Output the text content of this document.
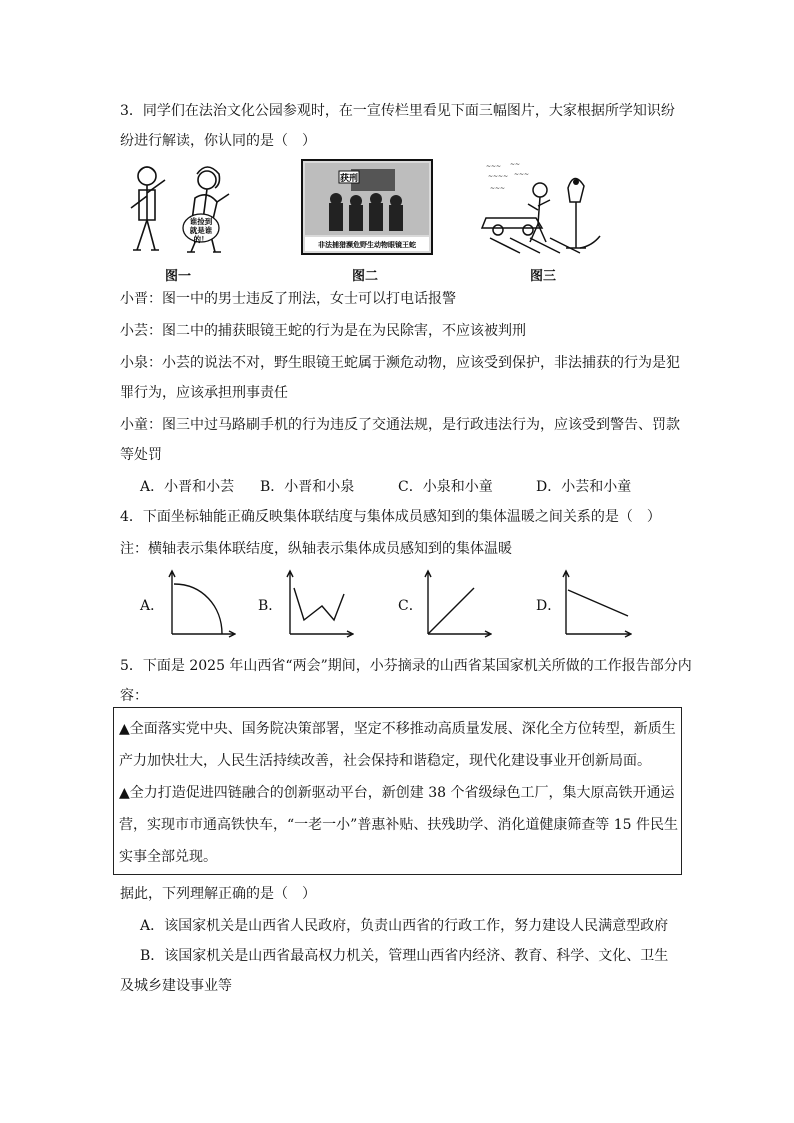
3．同学们在法治文化公园参观时，在一宣传栏里看见下面三幅图片，大家根据所学知识纷
纷进行解读，你认同的是（　）
谁捡到
就是谁
的！
图一
获刑
非法捕猎濒危野生动物眼镜王蛇
图二
~~~
~~~~
~~
~~~
~~~
图三
小晋：图一中的男士违反了刑法，女士可以打电话报警
小芸：图二中的捕获眼镜王蛇的行为是在为民除害，不应该被判刑
小泉：小芸的说法不对，野生眼镜王蛇属于濒危动物，应该受到保护，非法捕获的行为是犯
罪行为，应该承担刑事责任
小童：图三中过马路刷手机的行为违反了交通法规，是行政违法行为，应该受到警告、罚款
等处罚
A．小晋和小芸 B．小晋和小泉	C．小泉和小童	D．小芸和小童
4．下面坐标轴能正确反映集体联结度与集体成员感知到的集体温暖之间关系的是（　）
注：横轴表示集体联结度，纵轴表示集体成员感知到的集体温暖
A．	B．	C．	D．
5．下面是 2025 年山西省“两会”期间，小芬摘录的山西省某国家机关所做的工作报告部分内
容：
▲全面落实党中央、国务院决策部署，坚定不移推动高质量发展、深化全方位转型，新质生
产力加快壮大，人民生活持续改善，社会保持和谐稳定，现代化建设事业开创新局面。
▲全力打造促进四链融合的创新驱动平台，新创建 38 个省级绿色工厂，集大原高铁开通运
营，实现市市通高铁快车，“一老一小”普惠补贴、扶残助学、消化道健康筛查等 15 件民生
实事全部兑现。
据此，下列理解正确的是（　）
A．该国家机关是山西省人民政府，负责山西省的行政工作，努力建设人民满意型政府
B．该国家机关是山西省最高权力机关，管理山西省内经济、教育、科学、文化、卫生
及城乡建设事业等
